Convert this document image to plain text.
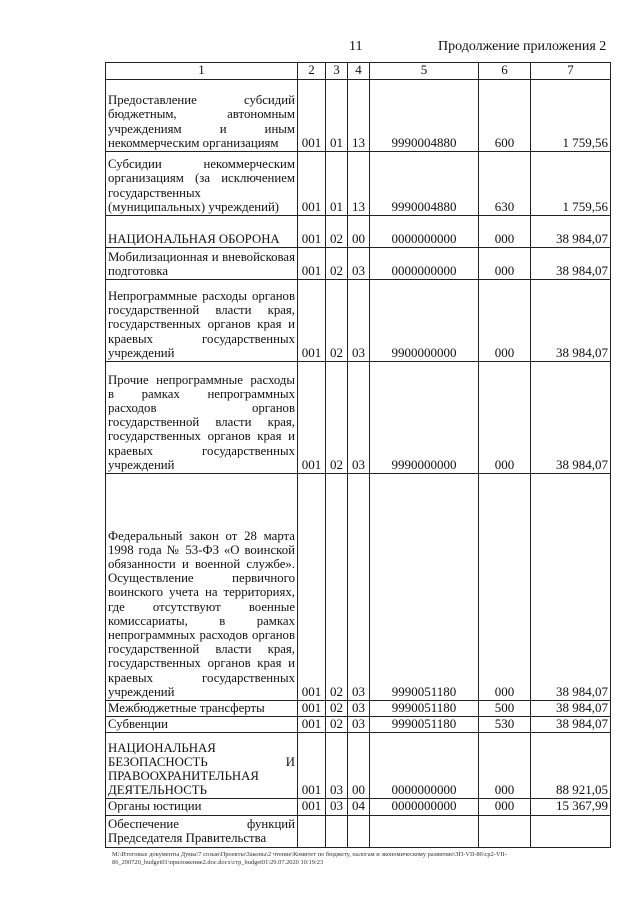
11	Продолжение приложения 2
1	2	3	4	5	6	7
Предоставление субсидий бюджетным, автономным учреждениям и иным некоммерческим организациям	001	01	13	9990004880	600	1 759,56
Субсидии некоммерческим организациям (за исключением государственных (муниципальных) учреждений)	001	01	13	9990004880	630	1 759,56
НАЦИОНАЛЬНАЯ ОБОРОНА	001	02	00	0000000000	000	38 984,07
Мобилизационная и вневойсковая подготовка	001	02	03	0000000000	000	38 984,07
Непрограммные расходы органов государственной власти края, государственных органов края и краевых государственных учреждений	001	02	03	9900000000	000	38 984,07
Прочие непрограммные расходы в рамках непрограммных расходов органов государственной власти края, государственных органов края и краевых государственных учреждений	001	02	03	9990000000	000	38 984,07
Федеральный закон от 28 марта 1998 года № 53-ФЗ «О воинской обязанности и военной службе». Осуществление первичного воинского учета на территориях, где отсутствуют военные комиссариаты, в рамках непрограммных расходов органов государственной власти края, государственных органов края и краевых государственных учреждений	001	02	03	9990051180	000	38 984,07
Межбюджетные трансферты	001	02	03	9990051180	500	38 984,07
Субвенции	001	02	03	9990051180	530	38 984,07
НАЦИОНАЛЬНАЯ БЕЗОПАСНОСТЬ И ПРАВООХРАНИТЕЛЬНАЯ ДЕЯТЕЛЬНОСТЬ	001	03	00	0000000000	000	88 921,05
Органы юстиции	001	03	04	0000000000	000	15 367,99
Обеспечение функций Председателя Правительства						
М:\Итоговые документы Думы\7 созыв\Проекты\Законы\2 чтение\Комитет по бюджету, налогам и экономическому развитию\ЗП-VII-86\ср2-VII-86_290720_budget01\приложение2.doc.docx\стр_budget01\29.07.2020 10:19:23
